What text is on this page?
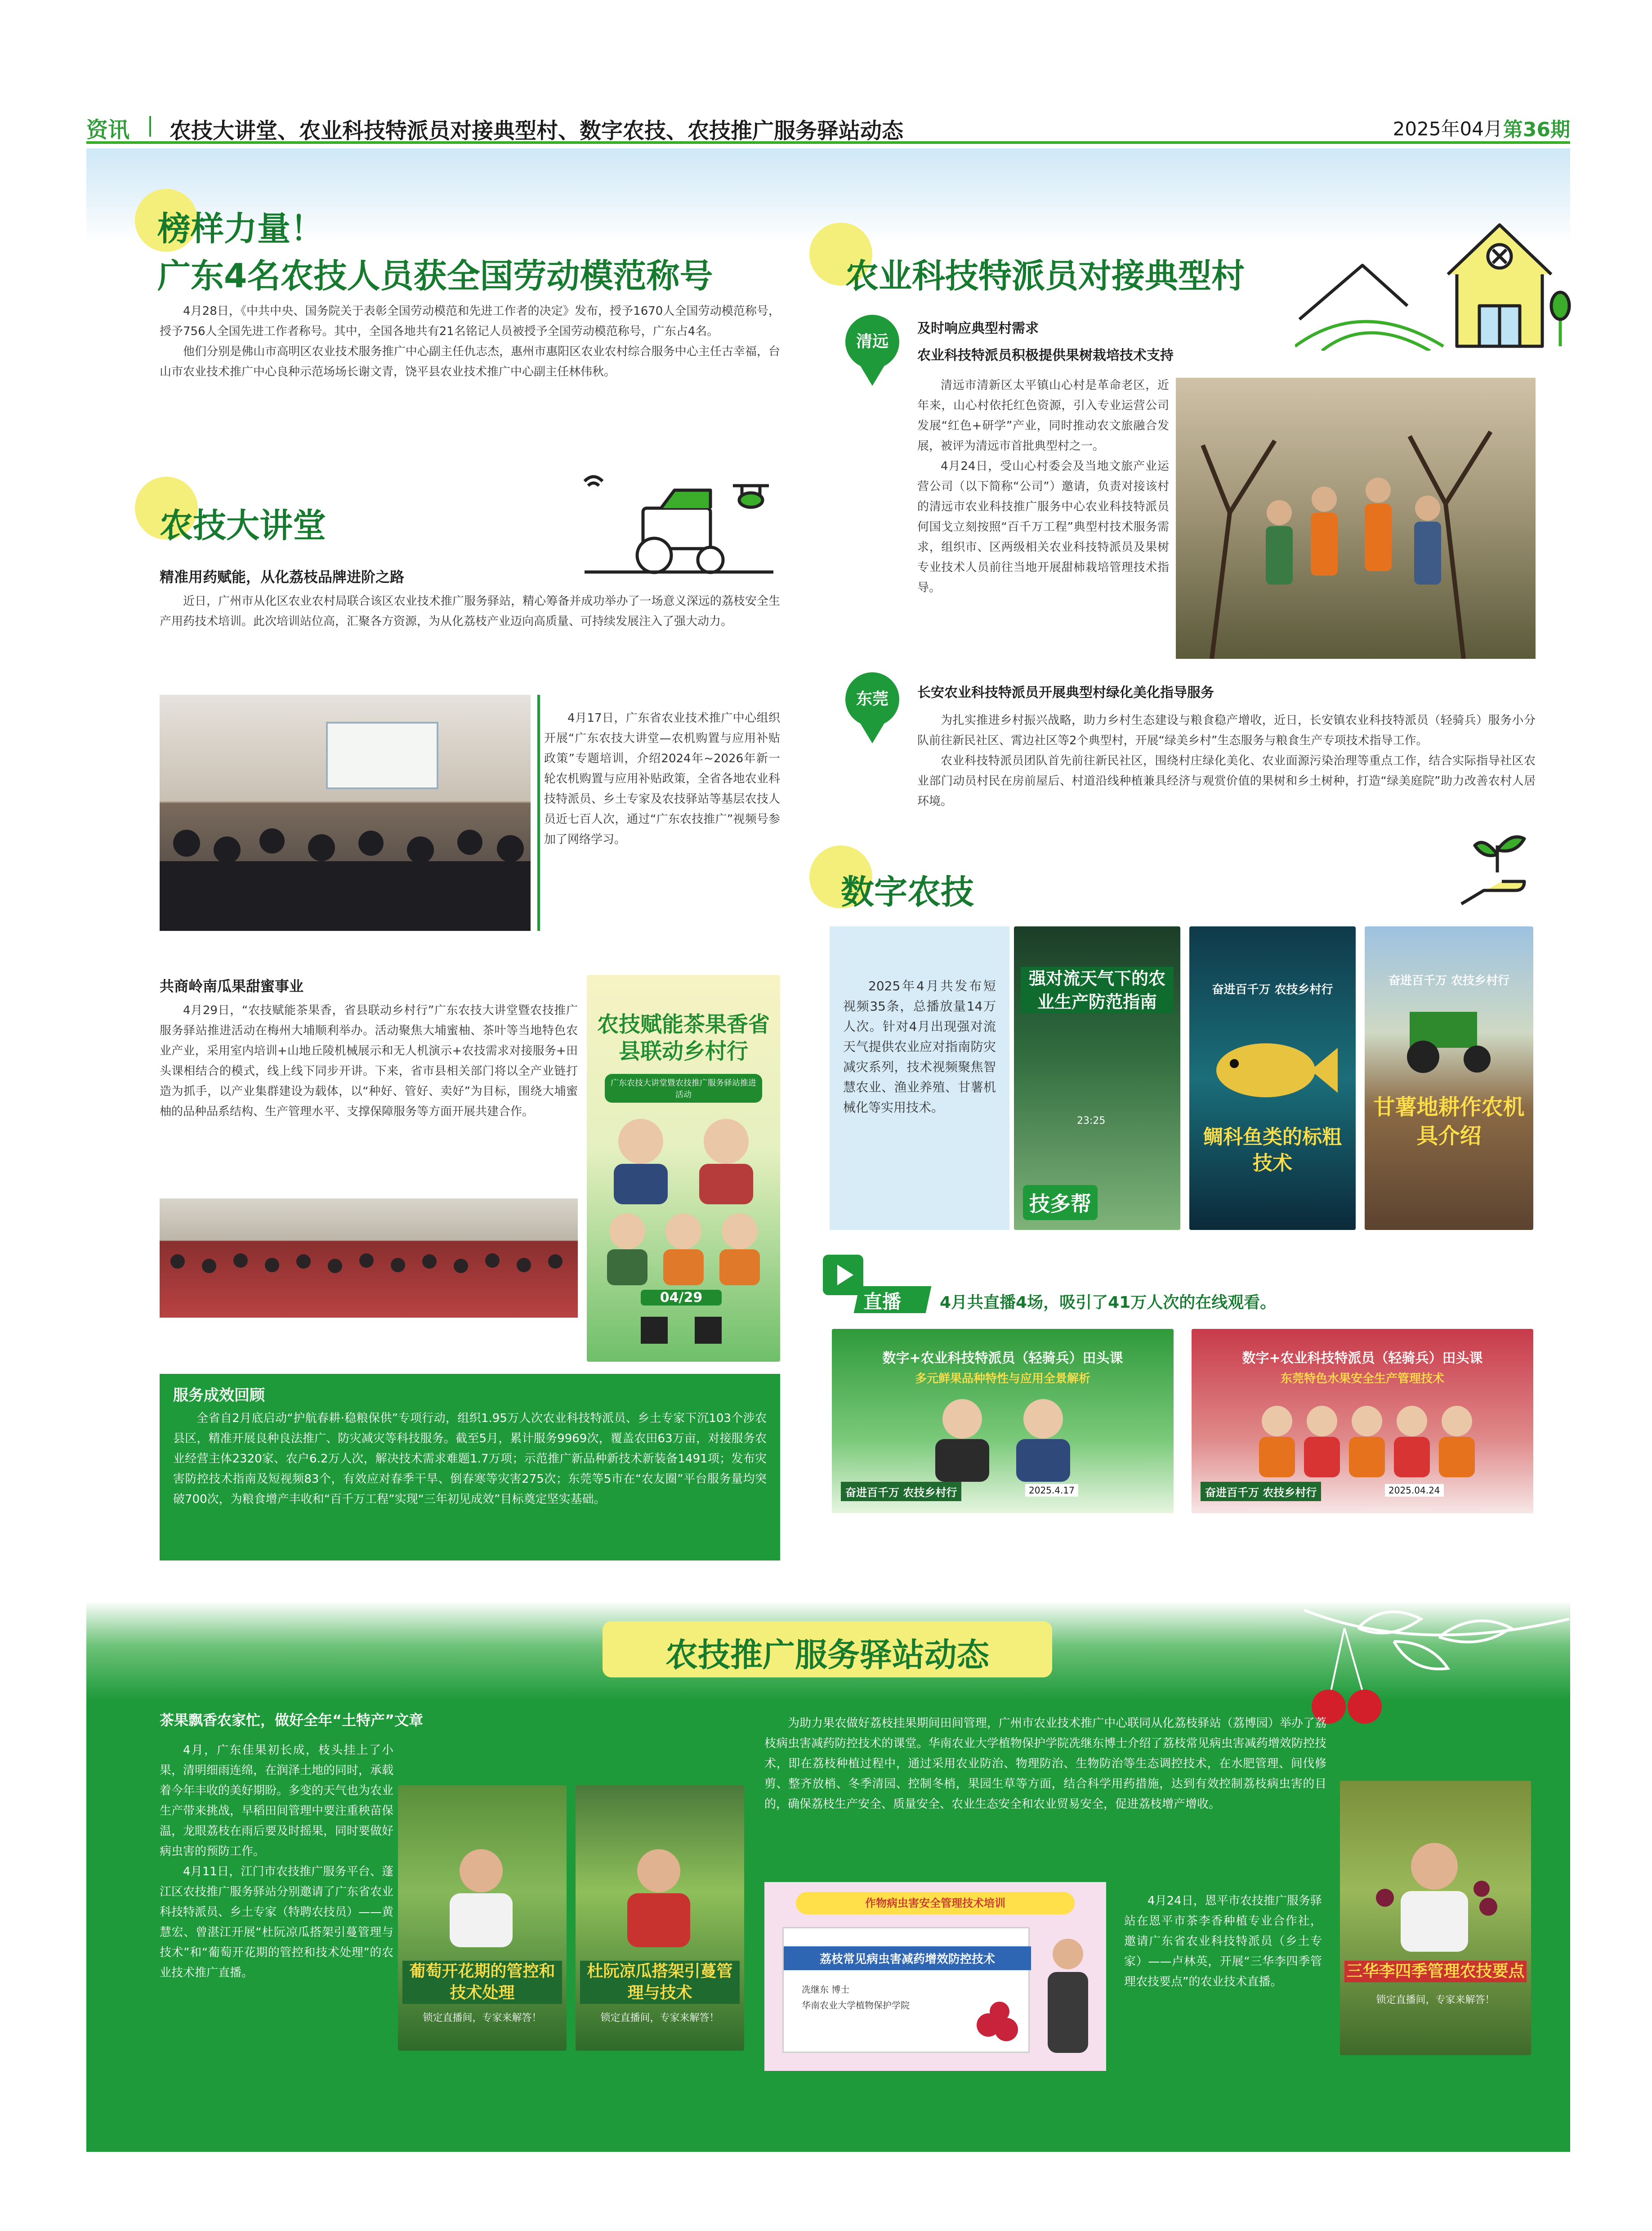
资讯 农技大讲堂、农业科技特派员对接典型村、数字农技、农技推广服务驿站动态	2025年04月 第36期
榜样力量！
广东4名农技人员获全国劳动模范称号

4月28日，《中共中央、国务院关于表彰全国劳动模范和先进工作者的决定》发布，授予1670人全国劳动模范称号，授予756人全国先进工作者称号。其中，全国各地共有21名铭记人员被授予全国劳动模范称号，广东占4名。

他们分别是佛山市高明区农业技术服务推广中心副主任仇志杰，惠州市惠阳区农业农村综合服务中心主任古幸福，台山市农业技术推广中心良种示范场场长谢文青，饶平县农业技术推广中心副主任林伟秋。

农技大讲堂
精准用药赋能，从化荔枝品牌进阶之路

近日，广州市从化区农业农村局联合该区农业技术推广服务驿站，精心筹备并成功举办了一场意义深远的荔枝安全生产用药技术培训。此次培训站位高，汇聚各方资源，为从化荔枝产业迈向高质量、可持续发展注入了强大动力。

4月17日，广东省农业技术推广中心组织开展“广东农技大讲堂—农机购置与应用补贴政策”专题培训，介绍2024年~2026年新一轮农机购置与应用补贴政策，全省各地农业科技特派员、乡土专家及农技驿站等基层农技人员近七百人次，通过“广东农技推广”视频号参加了网络学习。

共商岭南瓜果甜蜜事业

4月29日，“农技赋能茶果香，省县联动乡村行”广东农技大讲堂暨农技推广服务驿站推进活动在梅州大埔顺利举办。活动聚焦大埔蜜柚、茶叶等当地特色农业产业，采用室内培训+山地丘陵机械展示和无人机演示+农技需求对接服务+田头课相结合的模式，线上线下同步开讲。下来，省市县相关部门将以全产业链打造为抓手，以产业集群建设为载体，以“种好、管好、卖好”为目标，围绕大埔蜜柚的品种品系结构、生产管理水平、支撑保障服务等方面开展共建合作。

农技赋能茶果香省县联动乡村行
广东农技大讲堂暨农技推广服务驿站推进活动
04/29
服务成效回顾
全省自2月底启动“护航春耕·稳粮保供”专项行动，组织1.95万人次农业科技特派员、乡土专家下沉103个涉农县区，精准开展良种良法推广、防灾减灾等科技服务。截至5月，累计服务9969次，覆盖农田63万亩，对接服务农业经营主体2320家、农户6.2万人次，解决技术需求难题1.7万项；示范推广新品种新技术新装备1491项；发布灾害防控技术指南及短视频83个，有效应对春季干旱、倒春寒等灾害275次；东莞等5市在“农友圈”平台服务量均突破700次，为粮食增产丰收和“百千万工程”实现“三年初见成效”目标奠定坚实基础。
农业科技特派员对接典型村
清远
及时响应典型村需求
农业科技特派员积极提供果树栽培技术支持

清远市清新区太平镇山心村是革命老区，近年来，山心村依托红色资源，引入专业运营公司发展“红色+研学”产业，同时推动农文旅融合发展，被评为清远市首批典型村之一。

4月24日，受山心村委会及当地文旅产业运营公司（以下简称“公司”）邀请，负责对接该村的清远市农业科技推广服务中心农业科技特派员何国戈立刻按照“百千万工程”典型村技术服务需求，组织市、区两级相关农业科技特派员及果树专业技术人员前往当地开展甜柿栽培管理技术指导。

东莞	长安农业科技特派员开展典型村绿化美化指导服务

为扎实推进乡村振兴战略，助力乡村生态建设与粮食稳产增收，近日，长安镇农业科技特派员（轻骑兵）服务小分队前往新民社区、霄边社区等2个典型村，开展“绿美乡村”生态服务与粮食生产专项技术指导工作。

农业科技特派员团队首先前往新民社区，围绕村庄绿化美化、农业面源污染治理等重点工作，结合实际指导社区农业部门动员村民在房前屋后、村道沿线种植兼具经济与观赏价值的果树和乡土树种，打造“绿美庭院”助力改善农村人居环境。

数字农技

2025年4月共发布短视频35条，总播放量14万人次。针对4月出现强对流天气提供农业应对指南防灾减灾系列，技术视频聚焦智慧农业、渔业养殖、甘薯机械化等实用技术。

强对流天气下的农业生产防范指南
23:25
技多帮
奋进百千万 农技乡村行
鲷科鱼类的标粗技术
奋进百千万 农技乡村行
甘薯地耕作农机具介绍
直播 4月共直播4场，吸引了41万人次的在线观看。
数字+农业科技特派员（轻骑兵）田头课
多元鲜果品种特性与应用全景解析
奋进百千万 农技乡村行	2025.4.17
数字+农业科技特派员（轻骑兵）田头课
东莞特色水果安全生产管理技术
奋进百千万 农技乡村行	2025.04.24
农技推广服务驿站动态
茶果飘香农家忙，做好全年“土特产”文章

4月，广东佳果初长成，枝头挂上了小果，清明细雨连绵，在润泽土地的同时，承载着今年丰收的美好期盼。多变的天气也为农业生产带来挑战，早稻田间管理中要注重秧苗保温，龙眼荔枝在雨后要及时摇果，同时要做好病虫害的预防工作。

4月11日，江门市农技推广服务平台、蓬江区农技推广服务驿站分别邀请了广东省农业科技特派员、乡土专家（特聘农技员）——黄慧宏、曾湛江开展“杜阮凉瓜搭架引蔓管理与技术”和“葡萄开花期的管控和技术处理”的农业技术推广直播。	葡萄开花期的管控和技术处理
锁定直播间，专家来解答！
杜阮凉瓜搭架引蔓管理与技术
锁定直播间，专家来解答！

为助力果农做好荔枝挂果期间田间管理，广州市农业技术推广中心联同从化荔枝驿站（荔博园）举办了荔枝病虫害减药防控技术的课堂。华南农业大学植物保护学院冼继东博士介绍了荔枝常见病虫害减药增效防控技术，即在荔枝种植过程中，通过采用农业防治、物理防治、生物防治等生态调控技术，在水肥管理、间伐修剪、整齐放梢、冬季清园、控制冬梢，果园生草等方面，结合科学用药措施，达到有效控制荔枝病虫害的目的，确保荔枝生产安全、质量安全、农业生态安全和农业贸易安全，促进荔枝增产增收。

作物病虫害安全管理技术培训
荔枝常见病虫害减药增效防控技术
冼继东 博士
华南农业大学植物保护学院

4月24日，恩平市农技推广服务驿站在恩平市茶李香种植专业合作社，邀请广东省农业科技特派员（乡土专家）——卢林英，开展“三华李四季管理农技要点”的农业技术直播。

三华李四季管理农技要点
锁定直播间，专家来解答！
